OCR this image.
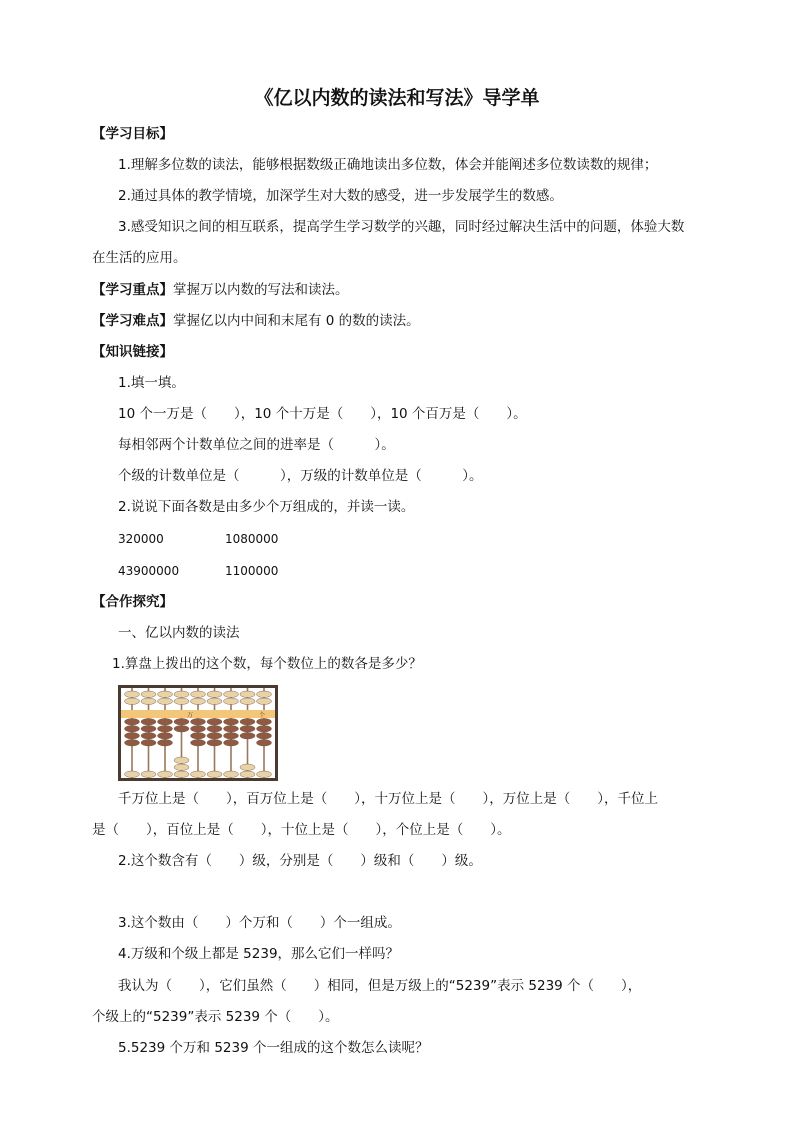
《亿以内数的读法和写法》导学单
【学习目标】
1.理解多位数的读法，能够根据数级正确地读出多位数，体会并能阐述多位数读数的规律；
2.通过具体的教学情境，加深学生对大数的感受，进一步发展学生的数感。
3.感受知识之间的相互联系，提高学生学习数学的兴趣，同时经过解决生活中的问题，体验大数
在生活的应用。
【学习重点】掌握万以内数的写法和读法。
【学习难点】掌握亿以内中间和末尾有 0 的数的读法。
【知识链接】
1.填一填。
10 个一万是（　　），10 个十万是（　　），10 个百万是（　　）。
每相邻两个计数单位之间的进率是（　　　）。
个级的计数单位是（　　　），万级的计数单位是（　　　）。
2.说说下面各数是由多少个万组成的，并读一读。
320000	1080000
43900000	1100000
【合作探究】
一、亿以内数的读法
1.算盘上拨出的这个数，每个数位上的数各是多少？
万	个
千万位上是（　　），百万位上是（　　），十万位上是（　　），万位上是（　　），千位上
是（　　），百位上是（　　），十位上是（　　），个位上是（　　）。
2.这个数含有（　　）级，分别是（　　）级和（　　）级。
3.这个数由（　　）个万和（　　）个一组成。
4.万级和个级上都是 5239，那么它们一样吗？
我认为（　　），它们虽然（　　）相同，但是万级上的“5239”表示 5239 个（　　），
个级上的“5239”表示 5239 个（　　）。
5.5239 个万和 5239 个一组成的这个数怎么读呢？
